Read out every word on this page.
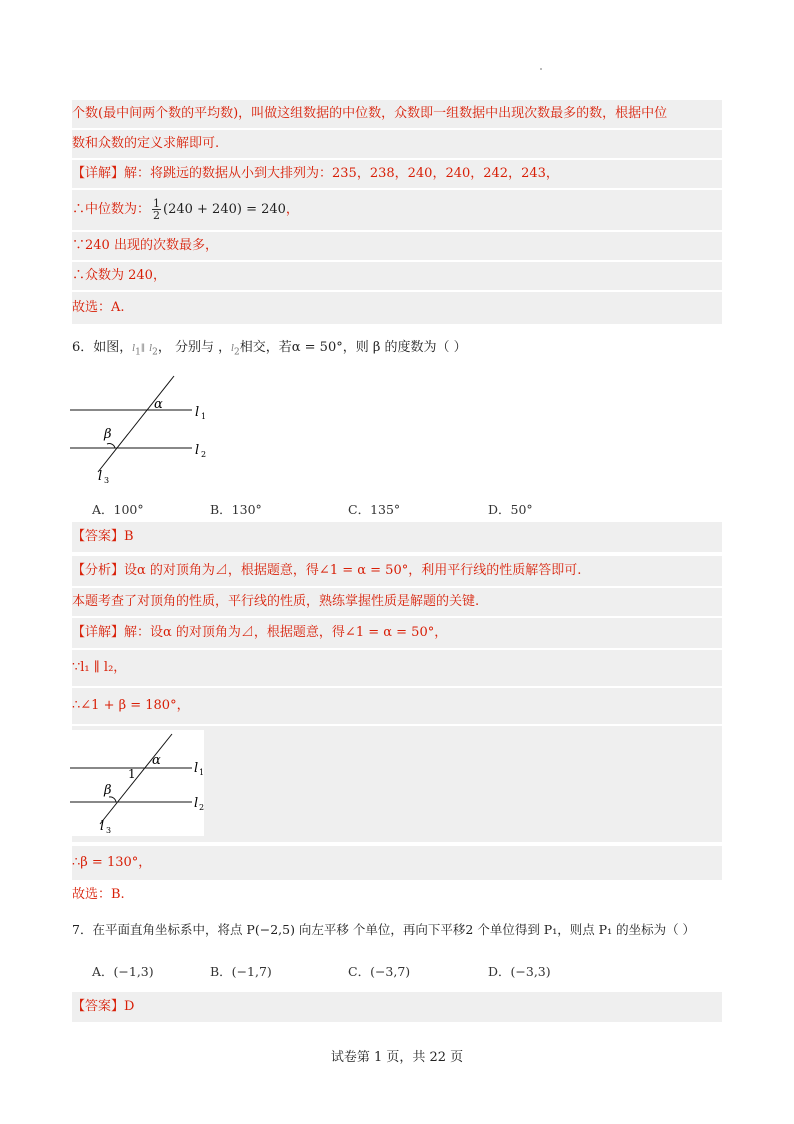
个数(最中间两个数的平均数)，叫做这组数据的中位数，众数即一组数据中出现次数最多的数，根据中位
数和众数的定义求解即可.
【详解】解：将跳远的数据从小到大排列为：235，238，240，240，242，243，
∴中位数为： $\frac{1}{2} (240 + 240) = 240$，
∵240 出现的次数最多，
∴众数为 240，
故选：A.
6．如图，$l_1\parallel$ $l_2$， 分别与 ，$l_2$相交，若α = 50°，则 β 的度数为（ ）
α
β
l 1
l 2
l 3
A．100°	B．130°	C．135°	D．50°
【答案】B
【分析】设α 的对顶角为⊿，根据题意，得∠1 = α = 50°，利用平行线的性质解答即可.
本题考查了对顶角的性质，平行线的性质，熟练掌握性质是解题的关键.
【详解】解：设α 的对顶角为⊿，根据题意，得∠1 = α = 50°，
∵l₁ ∥ l₂，
∴∠1 + β = 180°，
α
1
β
l 1
l 2
l 3
∴β = 130°，
故选：B.
7．在平面直角坐标系中，将点 P(−2,5) 向左平移 个单位，再向下平移2 个单位得到 P₁，则点 P₁ 的坐标为（ ）
A．(−1,3)	B．(−1,7)	C．(−3,7)	D．(−3,3)
【答案】D
试卷第 1 页，共 22 页
